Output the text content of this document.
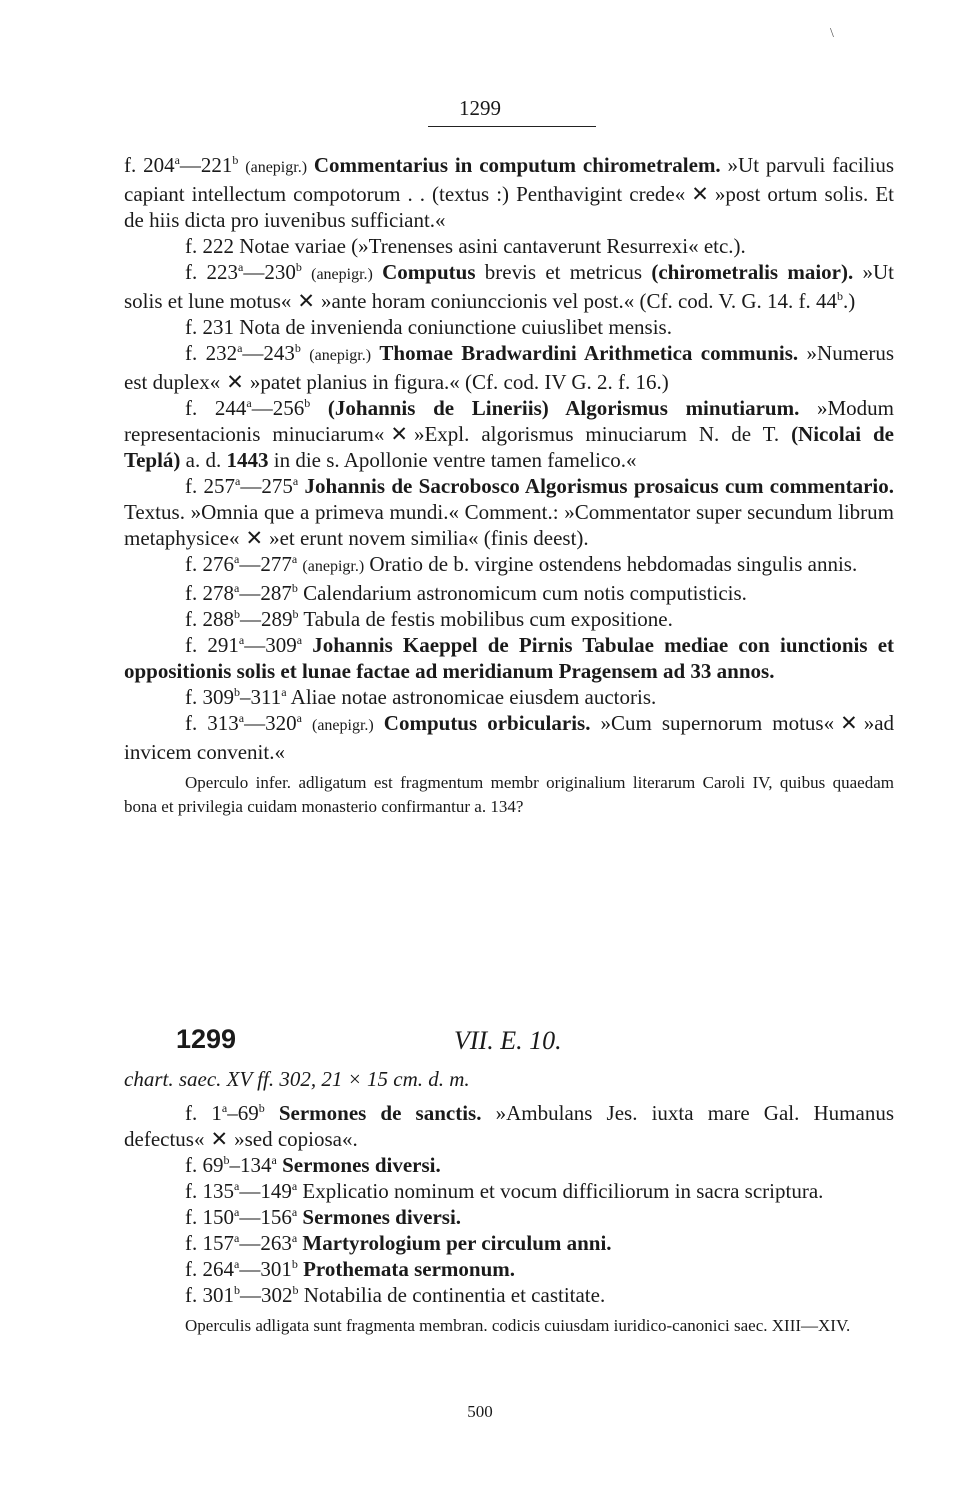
\
1299

f. 204$^a$—221$^b$ (anepigr.) Commentarius in computum chirometralem. »Ut parvuli facilius capiant intellectum compotorum . . (textus :) Penthavigint crede« ✕ »post ortum solis. Et de hiis dicta pro iuvenibus sufficiant.«

f. 222 Notae variae (»Trenenses asini cantaverunt Resurrexi« etc.).

f. 223$^a$—230$^b$ (anepigr.) Computus brevis et metricus (chirometralis maior). »Ut solis et lune motus« ✕ »ante horam coniunccionis vel post.« (Cf. cod. V. G. 14. f. 44$^b$.)

f. 231 Nota de invenienda coniunctione cuiuslibet mensis.

f. 232$^a$—243$^b$ (anepigr.) Thomae Bradwardini Arithmetica communis. »Numerus est duplex« ✕ »patet planius in figura.« (Cf. cod. IV G. 2. f. 16.)

f. 244$^a$—256$^b$ (Johannis de Lineriis) Algorismus minutiarum. »Modum representacionis minuciarum« ✕ »Expl. algorismus minuciarum N. de T. (Nicolai de Teplá) a. d. 1443 in die s. Apollonie ventre tamen famelico.«

f. 257$^a$—275$^a$ Johannis de Sacrobosco Algorismus prosaicus cum commentario. Textus. »Omnia que a primeva mundi.« Comment.: »Commentator super secundum librum metaphysice« ✕ »et erunt novem similia« (finis deest).

f. 276$^a$—277$^a$ (anepigr.) Oratio de b. virgine ostendens hebdomadas singulis annis.

f. 278$^a$—287$^b$ Calendarium astronomicum cum notis computisticis.

f. 288$^b$—289$^b$ Tabula de festis mobilibus cum expositione.

f. 291$^a$—309$^a$ Johannis Kaeppel de Pirnis Tabulae mediae con iunctionis et oppositionis solis et lunae factae ad meridianum Pragensem ad 33 annos.

f. 309$^b$–311$^a$ Aliae notae astronomicae eiusdem auctoris.

f. 313$^a$—320$^a$ (anepigr.) Computus orbicularis. »Cum supernorum motus« ✕ »ad invicem convenit.«

Operculo infer. adligatum est fragmentum membr originalium literarum Caroli IV, quibus quaedam bona et privilegia cuidam monasterio confirmantur a. 134?

1299	VII. E. 10.

chart. saec. XV ff. 302, 21 × 15 cm. d. m.

f. 1$^a$–69$^b$ Sermones de sanctis. »Ambulans Jes. iuxta mare Gal. Humanus defectus« ✕ »sed copiosa«.

f. 69$^b$–134$^a$ Sermones diversi.

f. 135$^a$—149$^a$ Explicatio nominum et vocum difficiliorum in sacra scriptura.

f. 150$^a$—156$^a$ Sermones diversi.

f. 157$^a$—263$^a$ Martyrologium per circulum anni.

f. 264$^a$—301$^b$ Prothemata sermonum.

f. 301$^b$—302$^b$ Notabilia de continentia et castitate.

Operculis adligata sunt fragmenta membran. codicis cuiusdam iuridico-canonici saec. XIII—XIV.

500
